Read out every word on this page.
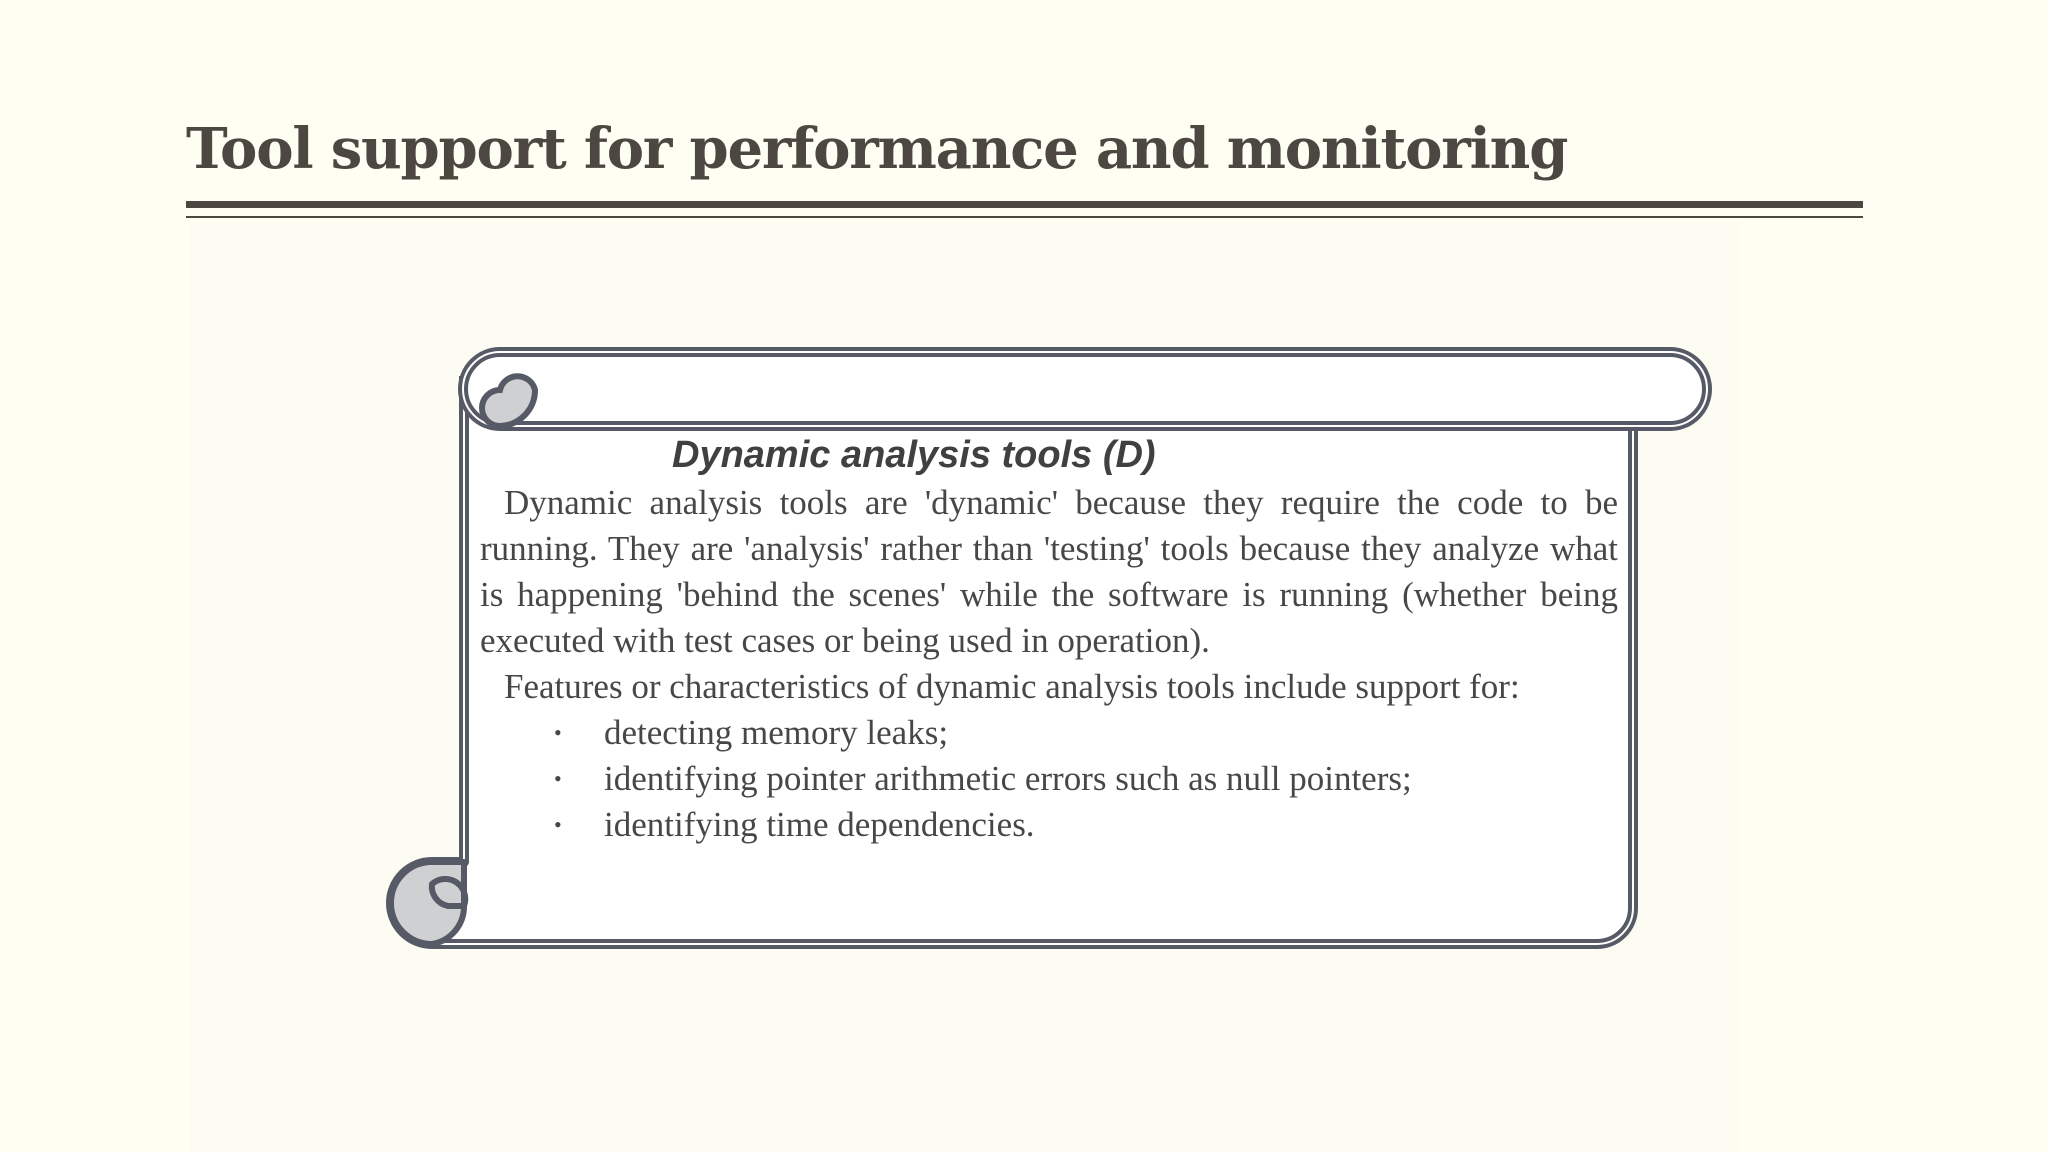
Tool support for performance and monitoring
Dynamic analysis tools (D)

Dynamic analysis tools are 'dynamic' because they require the code to be running. They are 'analysis' rather than 'testing' tools because they analyze what is happening 'behind the scenes' while the software is running (whether being executed with test cases or being used in operation).

Features or characteristics of dynamic analysis tools include support for:

• detecting memory leaks;
• identifying pointer arithmetic errors such as null pointers;
• identifying time dependencies.
